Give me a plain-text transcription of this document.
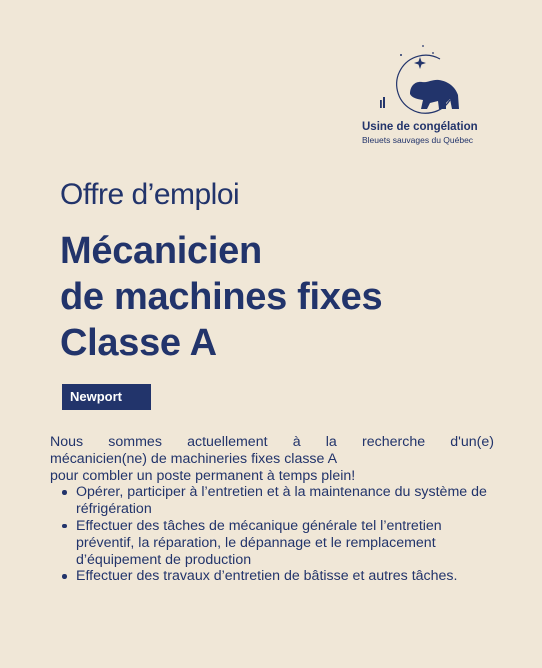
Usine de congélation
Bleuets sauvages du Québec
Offre d’emploi
Mécanicien
de machines fixes
Classe A
Newport

Nous sommes actuellement à la recherche d'un(e)
mécanicien(ne) de machineries fixes classe A
pour combler un poste permanent à temps plein!

Opérer, participer à l’entretien et à la maintenance du système de réfrigération
Effectuer des tâches de mécanique générale tel l’entretien préventif, la réparation, le dépannage et le remplacement d’équipement de production
Effectuer des travaux d’entretien de bâtisse et autres tâches.
